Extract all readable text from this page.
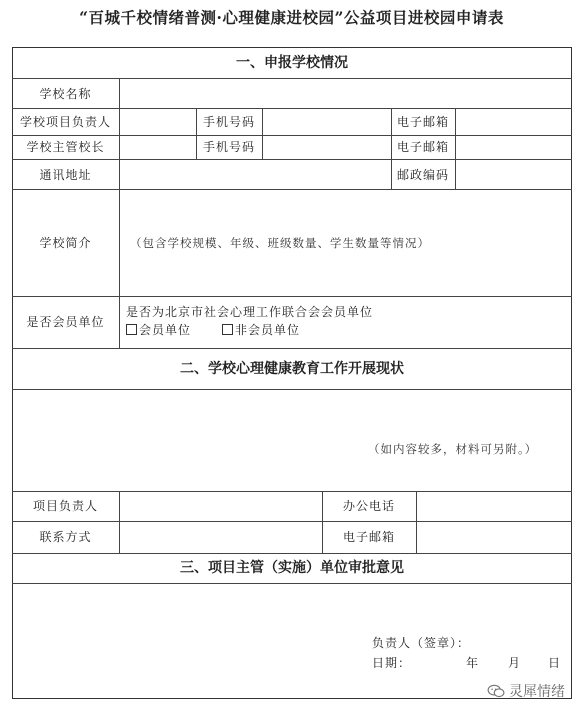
“百城千校情绪普测·心理健康进校园”公益项目进校园申请表
一、申报学校情况
学校名称
学校项目负责人	手机号码	电子邮箱
学校主管校长	手机号码	电子邮箱
通讯地址	邮政编码
学校简介	（包含学校规模、年级、班级数量、学生数量等情况）
是否会员单位
是否为北京市社会心理工作联合会会员单位
会员单位	非会员单位
二、学校心理健康教育工作开展现状
（如内容较多，材料可另附。）
项目负责人	办公电话
联系方式	电子邮箱
三、项目主管（实施）单位审批意见
负责人（签章）：
日期：	年 月 日
灵犀情绪
